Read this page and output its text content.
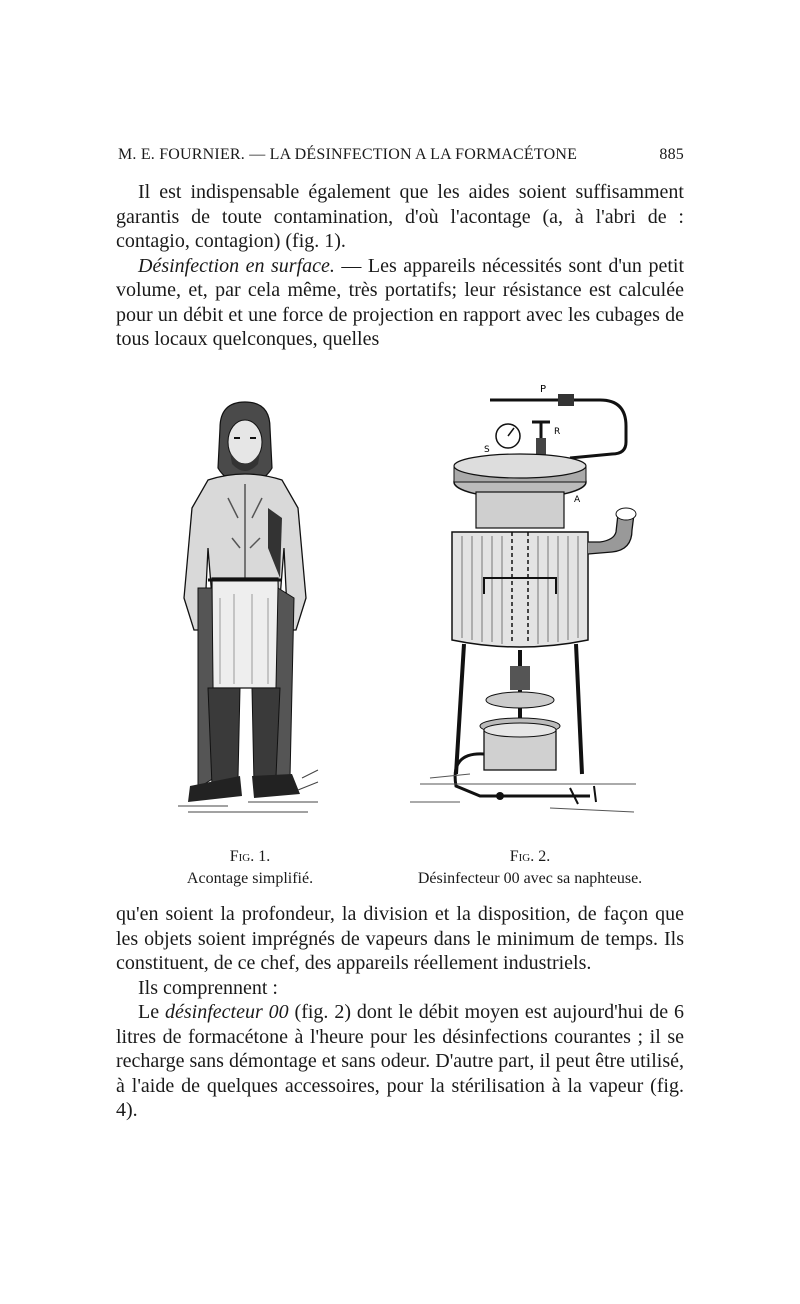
M. E. FOURNIER. — LA DÉSINFECTION A LA FORMACÉTONE	885

Il est indispensable également que les aides soient suffisamment garantis de toute contamination, d'où l'acontage (a, à l'abri de : contagio, contagion) (fig. 1).

Désinfection en surface. — Les appareils nécessités sont d'un petit volume, et, par cela même, très portatifs; leur résistance est calculée pour un débit et une force de projection en rapport avec les cubages de tous locaux quelconques, quelles

P
R
S
A
Fig. 1.
Acontage simplifié.
Fig. 2.
Désinfecteur 00 avec sa naphteuse.

qu'en soient la profondeur, la division et la disposition, de façon que les objets soient imprégnés de vapeurs dans le minimum de temps. Ils constituent, de ce chef, des appareils réellement industriels.

Ils comprennent :

Le désinfecteur 00 (fig. 2) dont le débit moyen est aujourd'hui de 6 litres de formacétone à l'heure pour les désinfections courantes ; il se recharge sans démontage et sans odeur. D'autre part, il peut être utilisé, à l'aide de quelques accessoires, pour la stérilisation à la vapeur (fig. 4).
